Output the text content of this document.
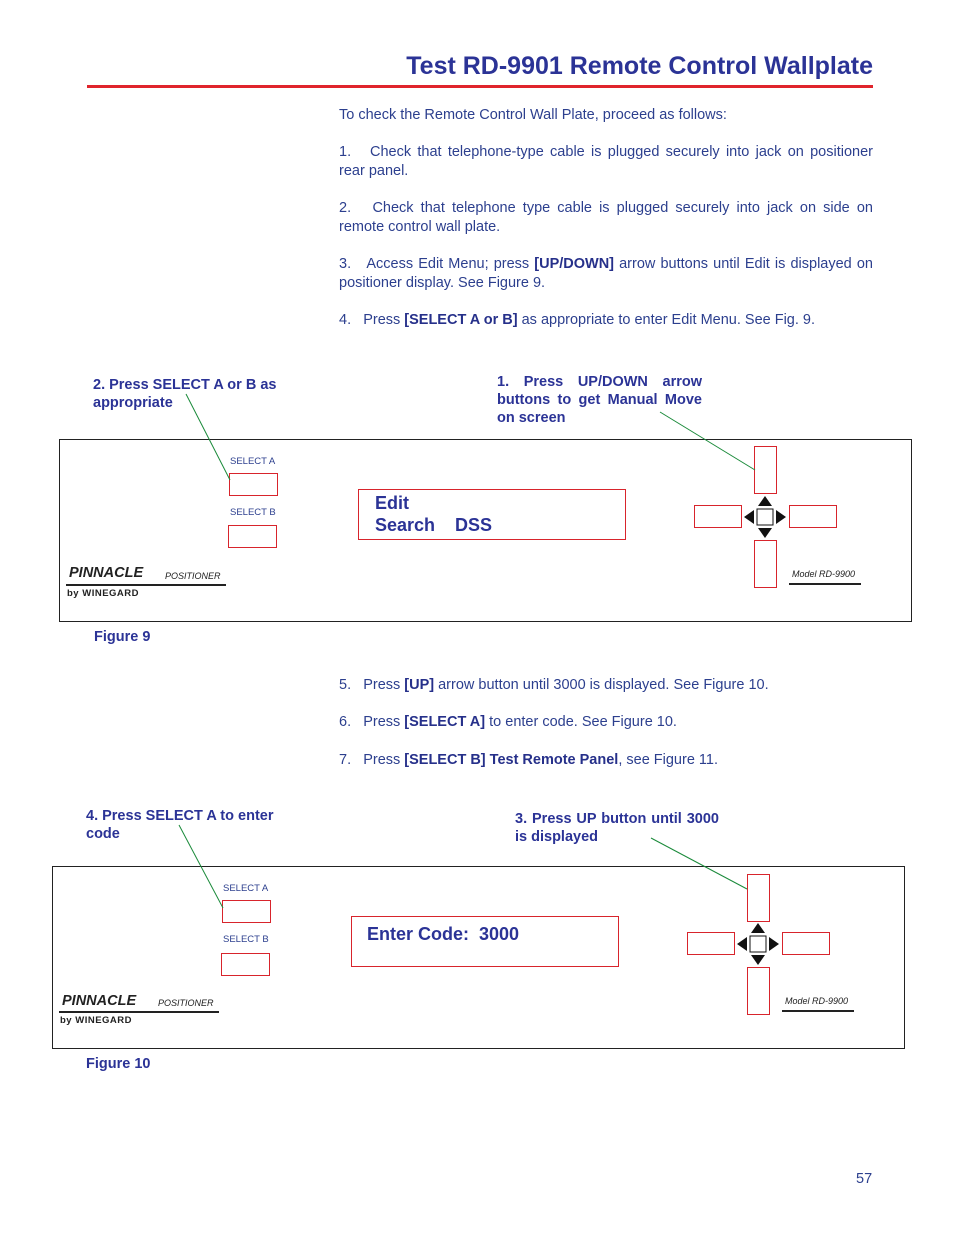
Test RD-9901 Remote Control Wallplate
To check the Remote Control Wall Plate, proceed as follows:
1. Check that telephone-type cable is plugged securely into jack on positioner rear panel.
2. Check that telephone type cable is plugged securely into jack on side on remote control wall plate.
3. Access Edit Menu; press [UP/DOWN] arrow buttons until Edit is displayed on positioner display. See Figure 9.
4. Press [SELECT A or B] as appropriate to enter Edit Menu. See Fig. 9.
2. Press SELECT A or B as appropriate
1. Press UP/DOWN arrow buttons to get Manual Move on screen
SELECT A
SELECT B	Edit
Search    DSS
PINNACLE POSITIONER
by WINEGARD
Model RD-9900
Figure 9
5. Press [UP] arrow button until 3000 is displayed. See Figure 10.
6. Press [SELECT A] to enter code. See Figure 10.
7. Press [SELECT B] Test Remote Panel, see Figure 11.
4. Press SELECT A to enter code
3. Press UP button until 3000 is displayed
SELECT A
SELECT B	Enter Code:  3000
PINNACLE POSITIONER
by WINEGARD
Model RD-9900
Figure 10
57
